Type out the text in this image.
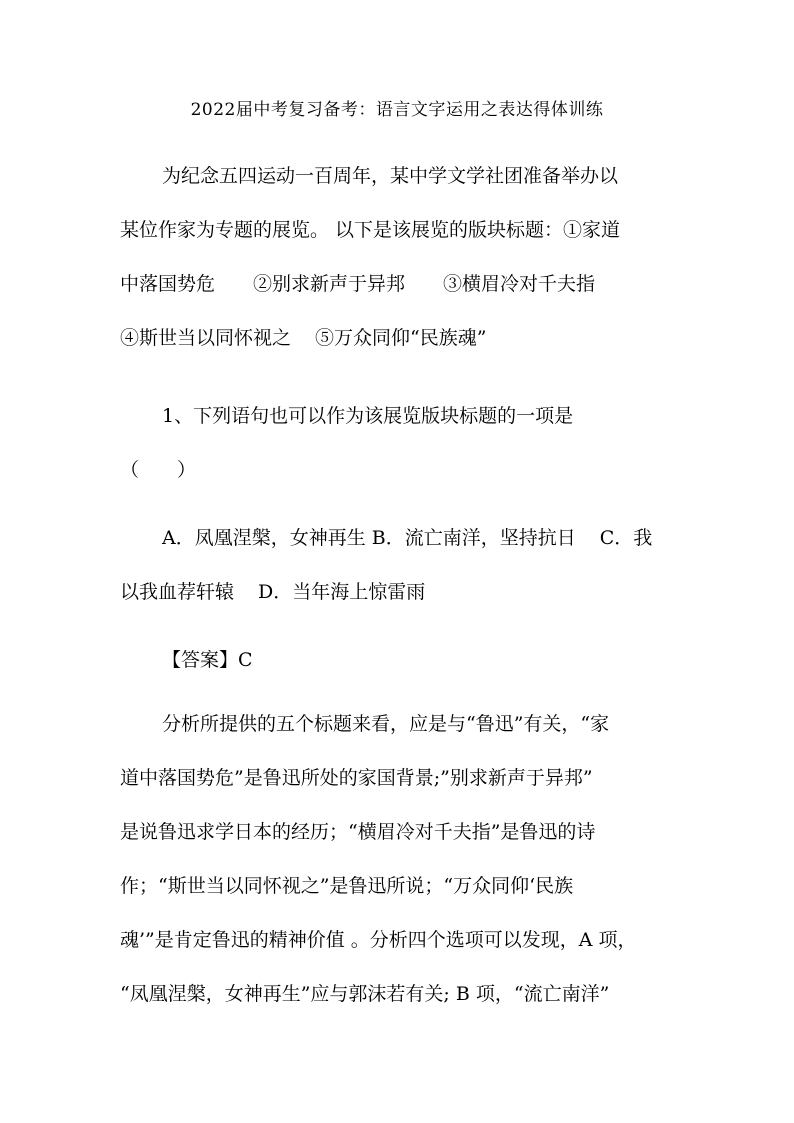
2022届中考复习备考：语言文字运用之表达得体训练
为纪念五四运动一百周年，某中学文学社团准备举办以
某位作家为专题的展览。 以下是该展览的版块标题：①家道
中落国势危 ②别求新声于异邦 ③横眉冷对千夫指
④斯世当以同怀视之 ⑤万众同仰“民族魂”
1、下列语句也可以作为该展览版块标题的一项是
（　　）
A．凤凰涅槃，女神再生 B．流亡南洋，坚持抗日 C．我
以我血荐轩辕 D．当年海上惊雷雨
【答案】C
分析所提供的五个标题来看，应是与“鲁迅”有关，“家
道中落国势危”是鲁迅所处的家国背景;”别求新声于异邦”
是说鲁迅求学日本的经历；“横眉冷对千夫指”是鲁迅的诗
作；“斯世当以同怀视之”是鲁迅所说；“万众同仰‘民族
魂’”是肯定鲁迅的精神价值 。分析四个选项可以发现，A 项，
“凤凰涅槃，女神再生”应与郭沫若有关; B 项，“流亡南洋”
